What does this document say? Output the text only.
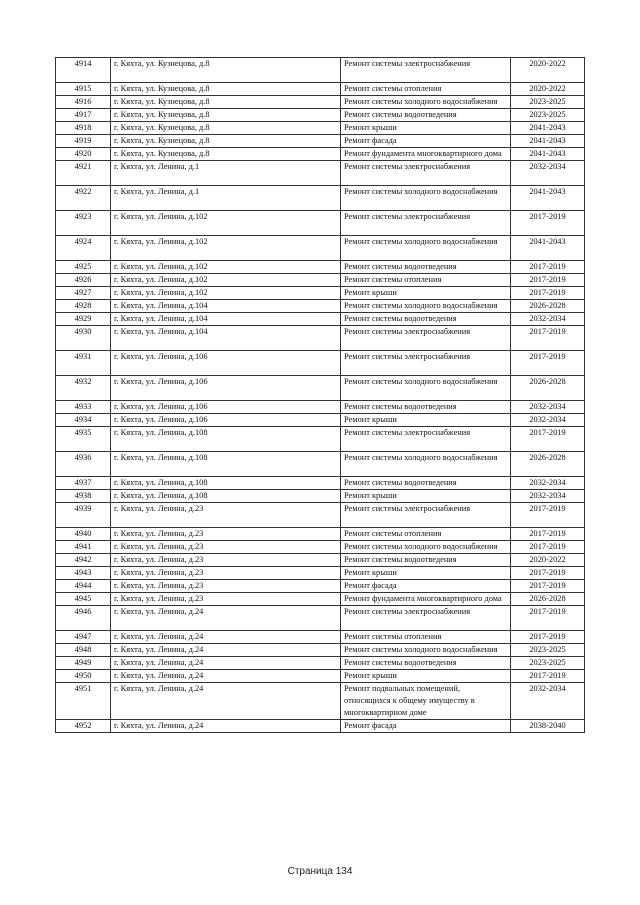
4914	г. Кяхта, ул. Кузнецова, д.8	Ремонт системы электроснабжения	2020-2022
4915	г. Кяхта, ул. Кузнецова, д.8	Ремонт системы отопления	2020-2022
4916	г. Кяхта, ул. Кузнецова, д.8	Ремонт системы холодного водоснабжения	2023-2025
4917	г. Кяхта, ул. Кузнецова, д.8	Ремонт системы водоотведения	2023-2025
4918	г. Кяхта, ул. Кузнецова, д.8	Ремонт крыши	2041-2043
4919	г. Кяхта, ул. Кузнецова, д.8	Ремонт фасада	2041-2043
4920	г. Кяхта, ул. Кузнецова, д.8	Ремонт фундамента многоквартирного дома	2041-2043
4921	г. Кяхта, ул. Ленина, д.1	Ремонт системы электроснабжения	2032-2034
4922	г. Кяхта, ул. Ленина, д.1	Ремонт системы холодного водоснабжения	2041-2043
4923	г. Кяхта, ул. Ленина, д.102	Ремонт системы электроснабжения	2017-2019
4924	г. Кяхта, ул. Ленина, д.102	Ремонт системы холодного водоснабжения	2041-2043
4925	г. Кяхта, ул. Ленина, д.102	Ремонт системы водоотведения	2017-2019
4926	г. Кяхта, ул. Ленина, д.102	Ремонт системы отопления	2017-2019
4927	г. Кяхта, ул. Ленина, д.102	Ремонт крыши	2017-2019
4928	г. Кяхта, ул. Ленина, д.104	Ремонт системы холодного водоснабжения	2026-2028
4929	г. Кяхта, ул. Ленина, д.104	Ремонт системы водоотведения	2032-2034
4930	г. Кяхта, ул. Ленина, д.104	Ремонт системы электроснабжения	2017-2019
4931	г. Кяхта, ул. Ленина, д.106	Ремонт системы электроснабжения	2017-2019
4932	г. Кяхта, ул. Ленина, д.106	Ремонт системы холодного водоснабжения	2026-2028
4933	г. Кяхта, ул. Ленина, д.106	Ремонт системы водоотведения	2032-2034
4934	г. Кяхта, ул. Ленина, д.106	Ремонт крыши	2032-2034
4935	г. Кяхта, ул. Ленина, д.108	Ремонт системы электроснабжения	2017-2019
4936	г. Кяхта, ул. Ленина, д.108	Ремонт системы холодного водоснабжения	2026-2028
4937	г. Кяхта, ул. Ленина, д.108	Ремонт системы водоотведения	2032-2034
4938	г. Кяхта, ул. Ленина, д.108	Ремонт крыши	2032-2034
4939	г. Кяхта, ул. Ленина, д.23	Ремонт системы электроснабжения	2017-2019
4940	г. Кяхта, ул. Ленина, д.23	Ремонт системы отопления	2017-2019
4941	г. Кяхта, ул. Ленина, д.23	Ремонт системы холодного водоснабжения	2017-2019
4942	г. Кяхта, ул. Ленина, д.23	Ремонт системы водоотведения	2020-2022
4943	г. Кяхта, ул. Ленина, д.23	Ремонт крыши	2017-2019
4944	г. Кяхта, ул. Ленина, д.23	Ремонт фасада	2017-2019
4945	г. Кяхта, ул. Ленина, д.23	Ремонт фундамента многоквартирного дома	2026-2028
4946	г. Кяхта, ул. Ленина, д.24	Ремонт системы электроснабжения	2017-2019
4947	г. Кяхта, ул. Ленина, д.24	Ремонт системы отопления	2017-2019
4948	г. Кяхта, ул. Ленина, д.24	Ремонт системы холодного водоснабжения	2023-2025
4949	г. Кяхта, ул. Ленина, д.24	Ремонт системы водоотведения	2023-2025
4950	г. Кяхта, ул. Ленина, д.24	Ремонт крыши	2017-2019
4951	г. Кяхта, ул. Ленина, д.24	Ремонт подвальных помещений, относящихся к общему имуществу в многоквартирном доме	2032-2034
4952	г. Кяхта, ул. Ленина, д.24	Ремонт фасада	2038-2040
Страница 134
